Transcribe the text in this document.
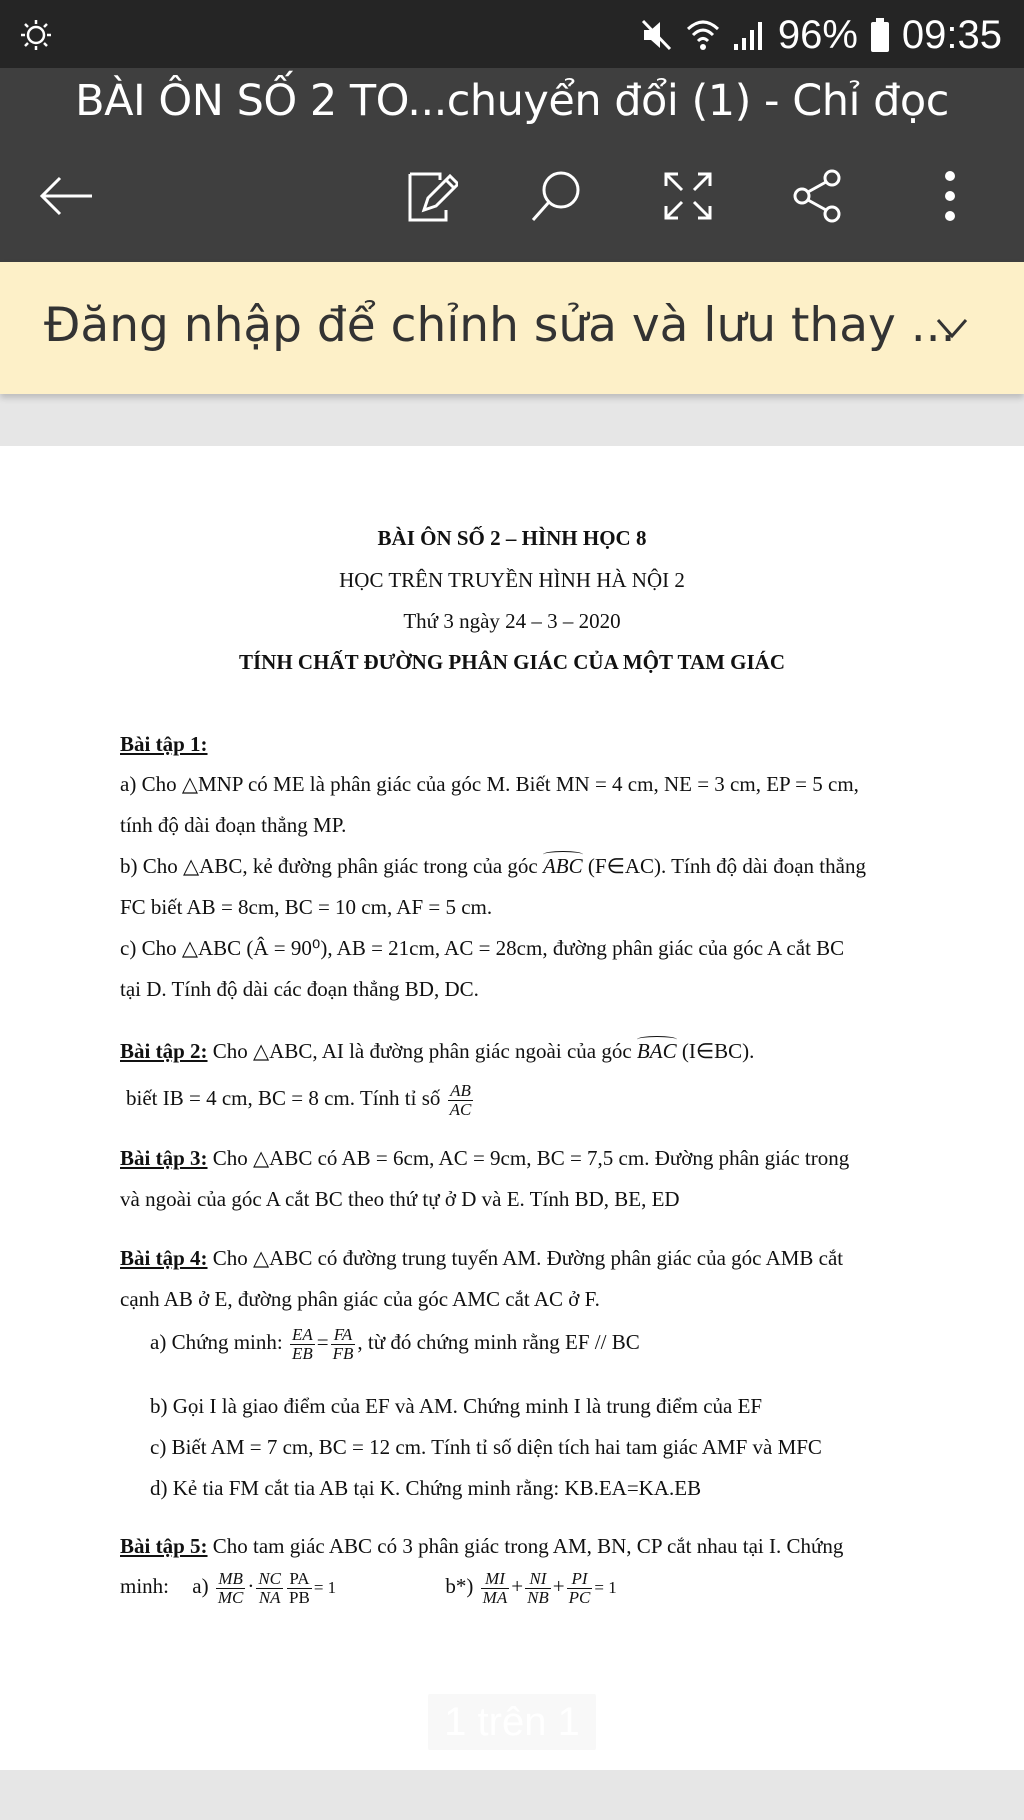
96% 09:35
BÀI ÔN SỐ 2 TO...chuyển đổi (1) - Chỉ đọc
Đăng nhập để chỉnh sửa và lưu thay ...
BÀI ÔN SỐ 2 – HÌNH HỌC 8
HỌC TRÊN TRUYỀN HÌNH HÀ NỘI 2
Thứ 3 ngày 24 – 3 – 2020
TÍNH CHẤT ĐƯỜNG PHÂN GIÁC CỦA MỘT TAM GIÁC
Bài tập 1:
a) Cho △MNP có ME là phân giác của góc M. Biết MN = 4 cm, NE = 3 cm, EP = 5 cm,
tính độ dài đoạn thẳng MP.
b) Cho △ABC, kẻ đường phân giác trong của góc ABC (F∈AC). Tính độ dài đoạn thẳng
FC biết AB = 8cm, BC = 10 cm, AF = 5 cm.
c) Cho △ABC (Â = 90⁰), AB = 21cm, AC = 28cm, đường phân giác của góc A cắt BC
tại D. Tính độ dài các đoạn thẳng BD, DC.
Bài tập 2: Cho △ABC, AI là đường phân giác ngoài của góc BAC (I∈BC).
biết IB = 4 cm, BC = 8 cm. Tính tỉ số $\frac{AB}{AC}$
Bài tập 3: Cho △ABC có AB = 6cm, AC = 9cm, BC = 7,5 cm. Đường phân giác trong
và ngoài của góc A cắt BC theo thứ tự ở D và E. Tính BD, BE, ED
Bài tập 4: Cho △ABC có đường trung tuyến AM. Đường phân giác của góc AMB cắt
cạnh AB ở E, đường phân giác của góc AMC cắt AC ở F.
a) Chứng minh: $\frac{EA}{EB} = \frac{FA}{FB}$ , từ đó chứng minh rằng EF // BC
b) Gọi I là giao điểm của EF và AM. Chứng minh I là trung điểm của EF
c) Biết AM = 7 cm, BC = 12 cm. Tính tỉ số diện tích hai tam giác AMF và MFC
d) Kẻ tia FM cắt tia AB tại K. Chứng minh rằng: KB.EA=KA.EB
Bài tập 5: Cho tam giác ABC có 3 phân giác trong AM, BN, CP cắt nhau tại I. Chứng
minh: $a) \frac{MB}{MC} \cdot \frac{NC}{NA} \frac{PA}{PB} = 1$	$b*) \frac{MI}{MA} + \frac{NI}{NB} + \frac{PI}{PC} = 1$
1 trên 1
